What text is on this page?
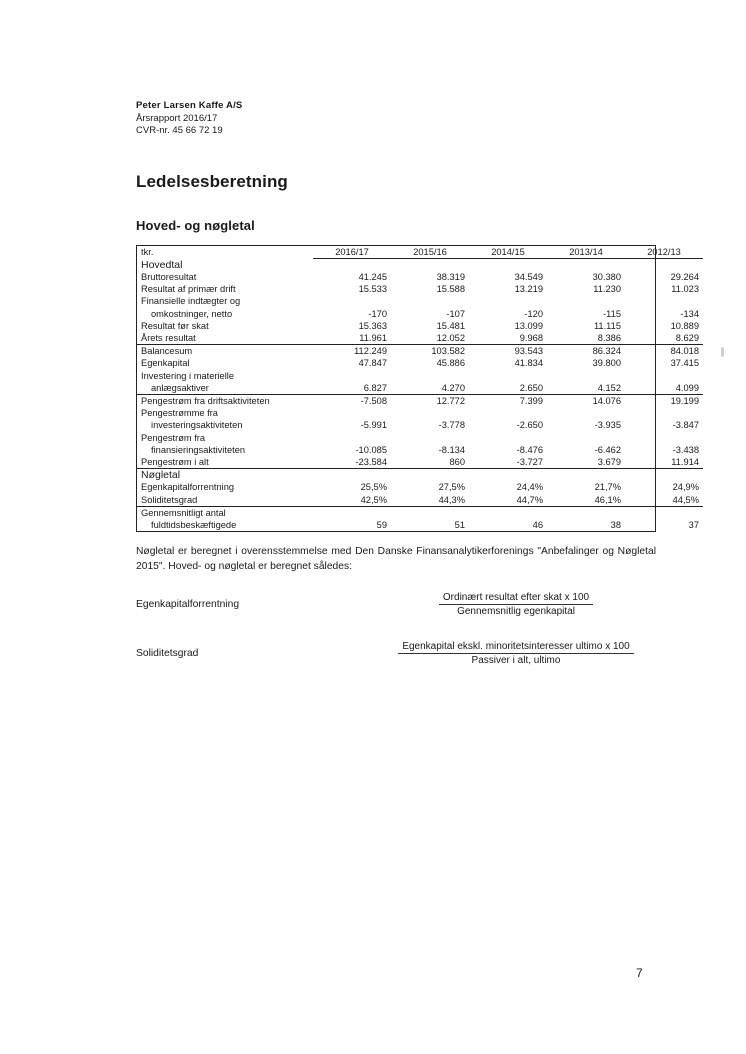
Peter Larsen Kaffe A/S
Årsrapport 2016/17
CVR-nr. 45 66 72 19
Ledelsesberetning
Hoved- og nøgletal
tkr.	2016/17	2015/16	2014/15	2013/14	2012/13
Hovedtal					
Bruttoresultat	41.245	38.319	34.549	30.380	29.264
Resultat af primær drift	15.533	15.588	13.219	11.230	11.023
Finansielle indtægter og					
omkostninger, netto	-170	-107	-120	-115	-134
Resultat før skat	15.363	15.481	13.099	11.115	10.889
Årets resultat	11.961	12.052	9.968	8.386	8.629
Balancesum	112.249	103.582	93.543	86.324	84.018
Egenkapital	47.847	45.886	41.834	39.800	37.415
Investering i materielle					
anlægsaktiver	6.827	4.270	2.650	4.152	4.099
Pengestrøm fra driftsaktiviteten	-7.508	12.772	7.399	14.076	19.199
Pengestrømme fra					
investeringsaktiviteten	-5.991	-3.778	-2.650	-3.935	-3.847
Pengestrøm fra					
finansieringsaktiviteten	-10.085	-8.134	-8.476	-6.462	-3.438
Pengestrøm i alt	-23.584	860	-3.727	3.679	11.914
Nøgletal					
Egenkapitalforrentning	25,5%	27,5%	24,4%	21,7%	24,9%
Soliditetsgrad	42,5%	44,3%	44,7%	46,1%	44,5%
Gennemsnitligt antal					
fuldtidsbeskæftigede	59	51	46	38	37
Nøgletal er beregnet i overensstemmelse med Den Danske Finansanalytikerforenings "Anbefalinger og Nøgletal 2015". Hoved- og nøgletal er beregnet således:
Egenkapitalforrentning	$\frac{\text{Ordinært resultat efter skat x 100}}{\text{Gennemsnitlig egenkapital}}$
Soliditetsgrad	$\frac{\text{Egenkapital ekskl. minoritetsinteresser ultimo x 100}}{\text{Passiver i alt, ultimo}}$
7
